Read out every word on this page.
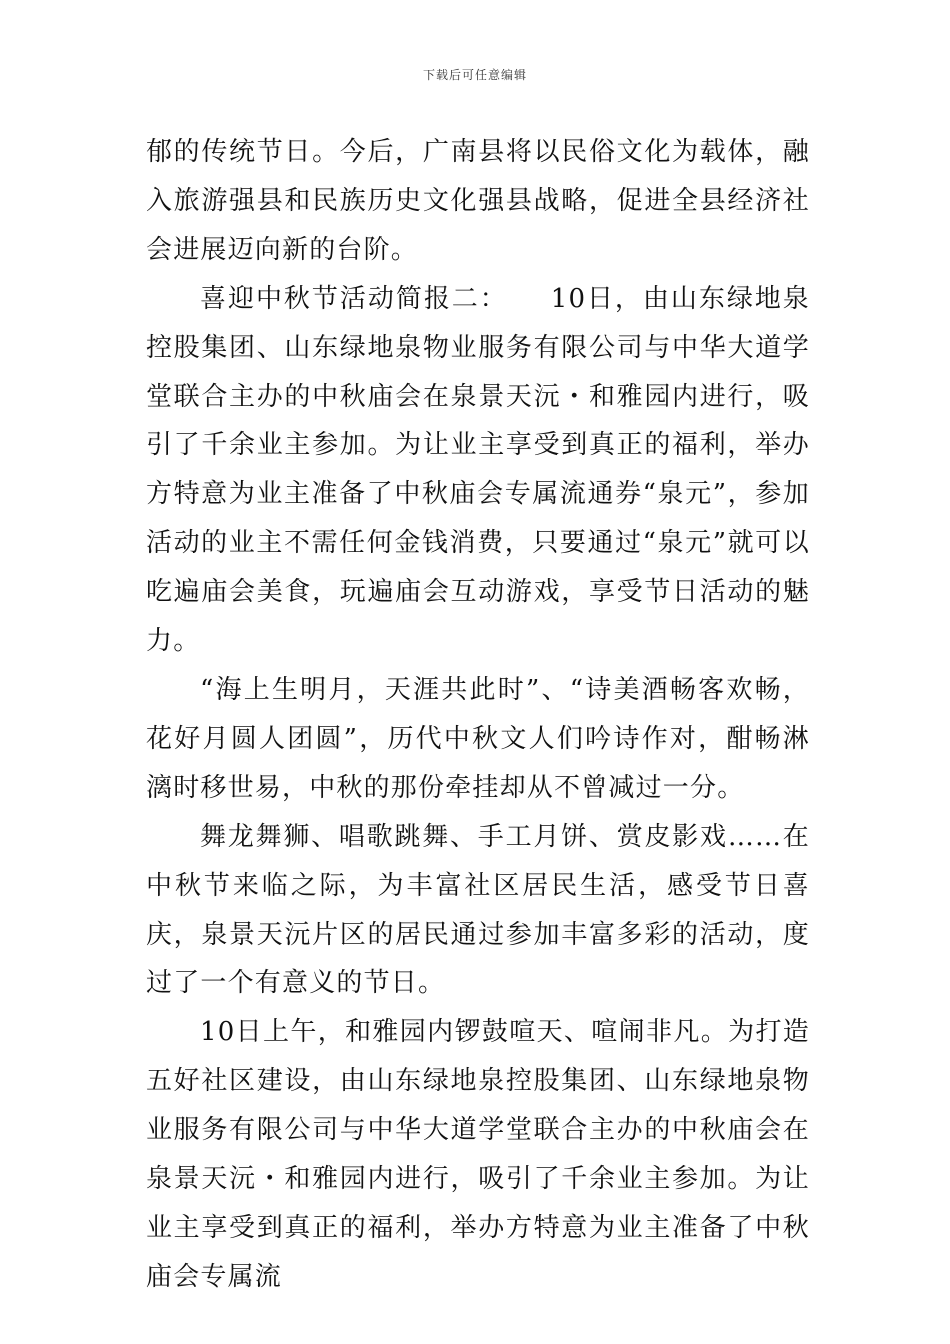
下载后可任意编辑

郁的传统节日。今后，广南县将以民俗文化为载体，融入旅游强县和民族历史文化强县战略，促进全县经济社会进展迈向新的台阶。

喜迎中秋节活动简报二：　　10日，由山东绿地泉控股集团、山东绿地泉物业服务有限公司与中华大道学堂联合主办的中秋庙会在泉景天沅・和雅园内进行，吸引了千余业主参加。为让业主享受到真正的福利，举办方特意为业主准备了中秋庙会专属流通券“泉元”，参加活动的业主不需任何金钱消费，只要通过“泉元”就可以吃遍庙会美食，玩遍庙会互动游戏，享受节日活动的魅力。

“海上生明月，天涯共此时”、“诗美酒畅客欢畅，花好月圆人团圆”，历代中秋文人们吟诗作对，酣畅淋漓时移世易，中秋的那份牵挂却从不曾减过一分。

舞龙舞狮、唱歌跳舞、手工月饼、赏皮影戏……在中秋节来临之际，为丰富社区居民生活，感受节日喜庆，泉景天沅片区的居民通过参加丰富多彩的活动，度过了一个有意义的节日。

10日上午，和雅园内锣鼓喧天、喧闹非凡。为打造五好社区建设，由山东绿地泉控股集团、山东绿地泉物业服务有限公司与中华大道学堂联合主办的中秋庙会在泉景天沅・和雅园内进行，吸引了千余业主参加。为让业主享受到真正的福利，举办方特意为业主准备了中秋庙会专属流
